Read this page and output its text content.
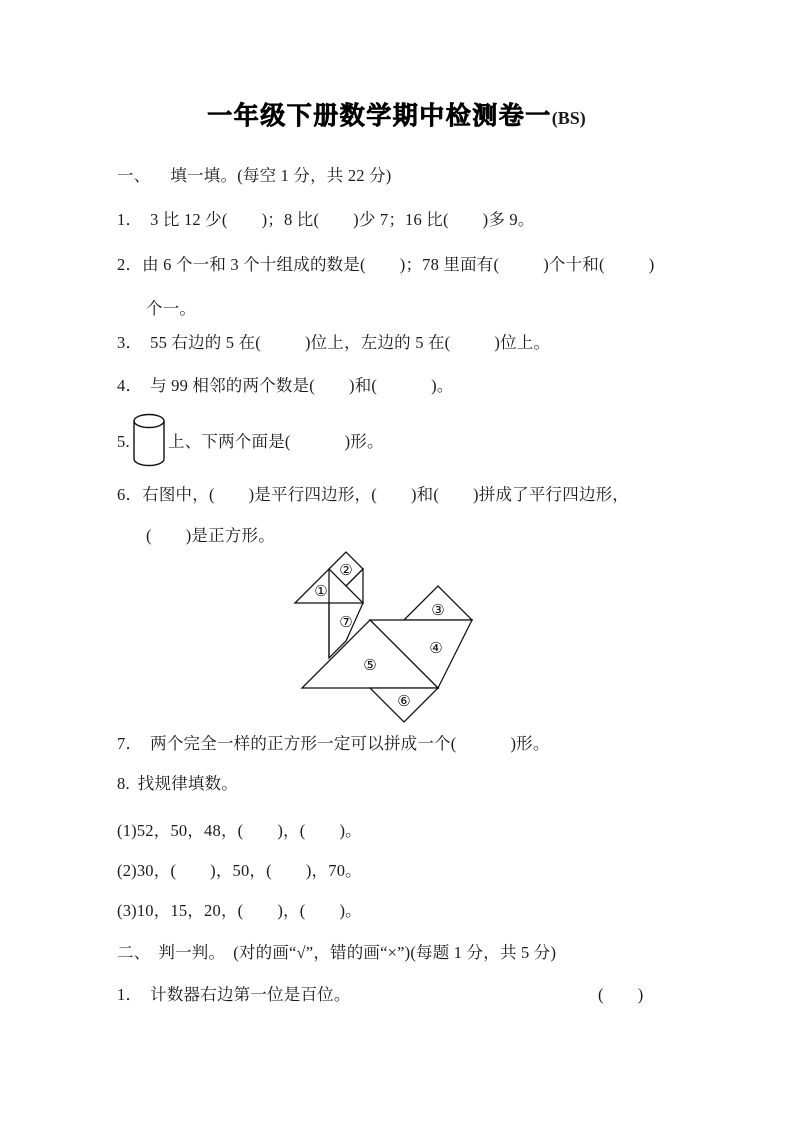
一年级下册数学期中检测卷一(BS)
一、 填一填。(每空 1 分，共 22 分)
1． 3 比 12 少( )；8 比( )少 7；16 比( )多 9。
2．由 6 个一和 3 个十组成的数是( )；78 里面有(	)个十和(	)
个一。
3． 55 右边的 5 在(	)位上，左边的 5 在(	)位上。
4． 与 99 相邻的两个数是( )和(	)。
5. 上、下两个面是(	)形。
6．右图中，( )是平行四边形，( )和( )拼成了平行四边形，
( )是正方形。
①
②
③
④
⑤
⑥
⑦
7． 两个完全一样的正方形一定可以拼成一个(	)形。
8. 找规律填数。
(1)52，50，48，( )，( )。
(2)30，( )，50，( )，70。
(3)10，15，20，( )，( )。
二、 判一判。 (对的画“√”，错的画“×”)(每题 1 分，共 5 分)
1． 计数器右边第一位是百位。	( )
